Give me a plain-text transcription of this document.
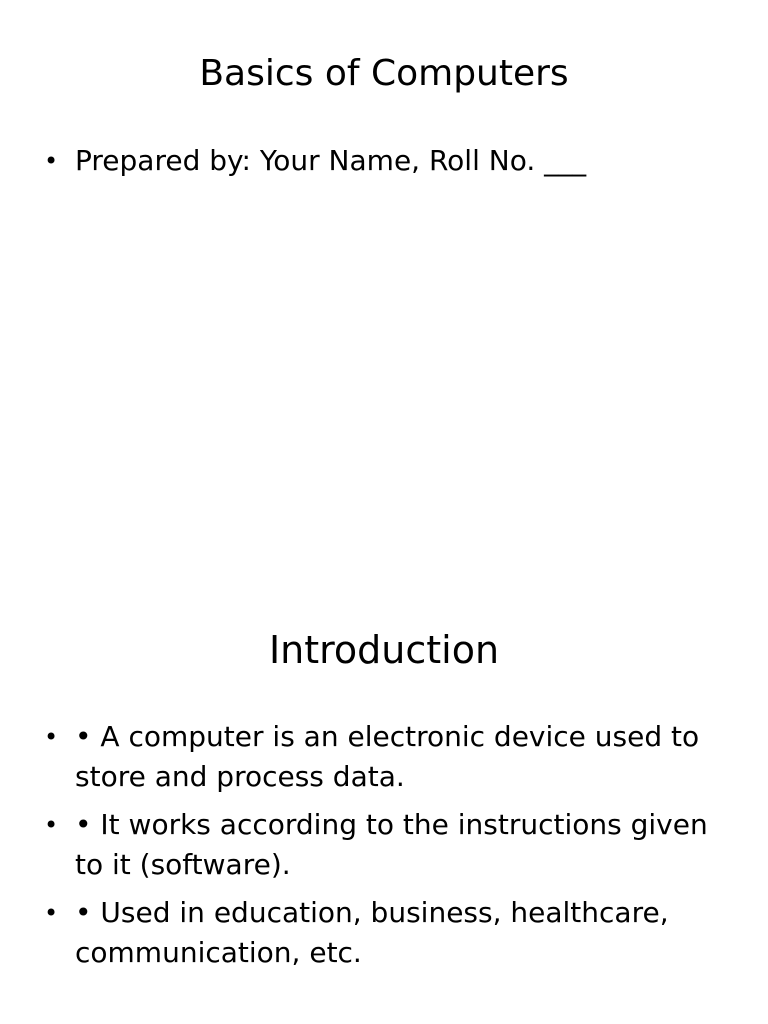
Basics of Computers
• Prepared by: Your Name, Roll No. ___
Introduction
• • A computer is an electronic device used to store and process data.
• • It works according to the instructions given to it (software).
• • Used in education, business, healthcare, communication, etc.
